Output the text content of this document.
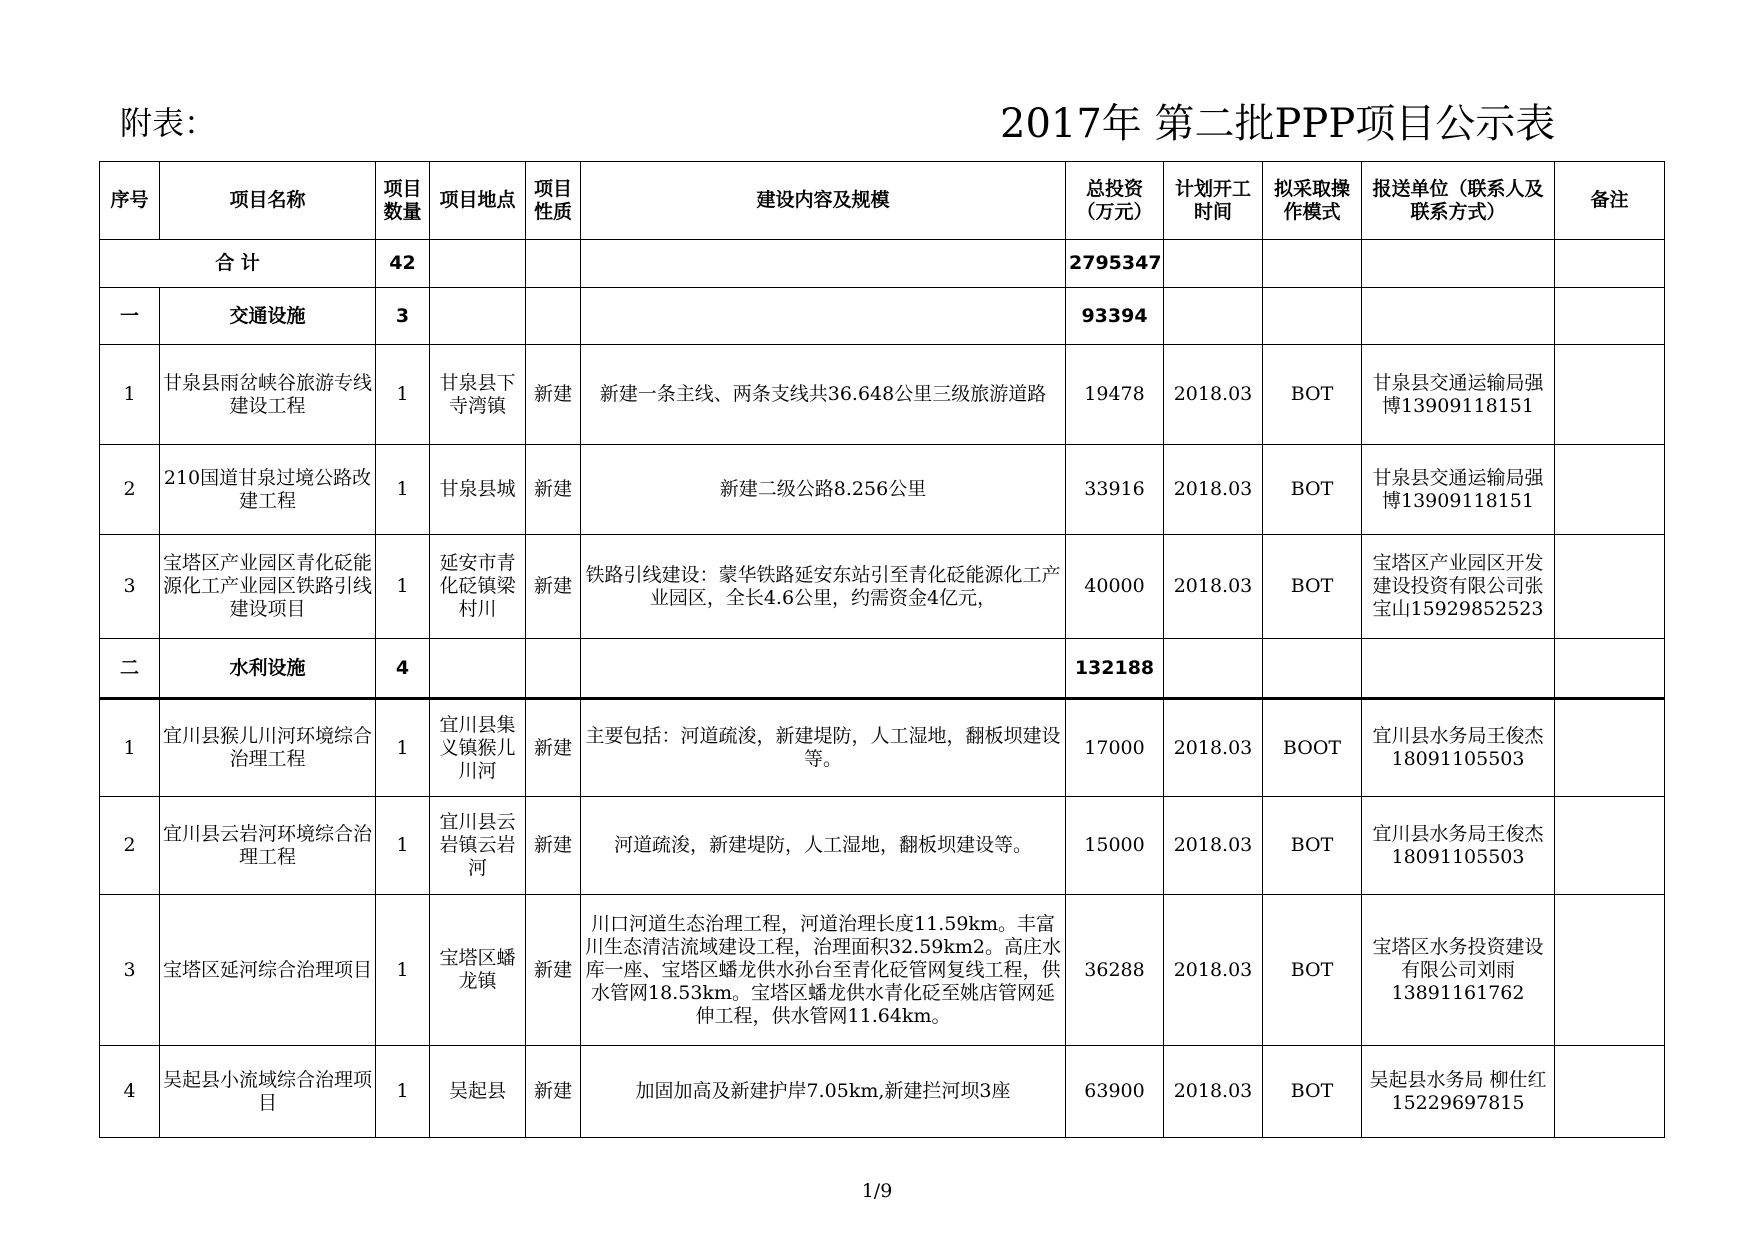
附表：	2017年 第二批PPP项目公示表
序号	项目名称	项目数量	项目地点	项目性质	建设内容及规模	总投资（万元）	计划开工时间	拟采取操作模式	报送单位（联系人及联系方式）	备注
合 计		42				2795347				
一	交通设施	3				93394				
1	甘泉县雨岔峡谷旅游专线建设工程	1	甘泉县下寺湾镇	新建	新建一条主线、两条支线共36.648公里三级旅游道路	19478	2018.03	BOT	甘泉县交通运输局强博13909118151	
2	210国道甘泉过境公路改建工程	1	甘泉县城	新建	新建二级公路8.256公里	33916	2018.03	BOT	甘泉县交通运输局强博13909118151	
3	宝塔区产业园区青化砭能源化工产业园区铁路引线建设项目	1	延安市青化砭镇梁村川	新建	铁路引线建设：蒙华铁路延安东站引至青化砭能源化工产业园区，全长4.6公里，约需资金4亿元，	40000	2018.03	BOT	宝塔区产业园区开发建设投资有限公司张宝山15929852523	
二	水利设施	4				132188				
1	宜川县猴儿川河环境综合治理工程	1	宜川县集义镇猴儿川河	新建	主要包括：河道疏浚，新建堤防，人工湿地，翻板坝建设等。	17000	2018.03	BOOT	宜川县水务局王俊杰18091105503	
2	宜川县云岩河环境综合治理工程	1	宜川县云岩镇云岩河	新建	河道疏浚，新建堤防，人工湿地，翻板坝建设等。	15000	2018.03	BOT	宜川县水务局王俊杰18091105503	
3	宝塔区延河综合治理项目	1	宝塔区蟠龙镇	新建	川口河道生态治理工程，河道治理长度11.59km。丰富川生态清洁流域建设工程，治理面积32.59km2。高庄水库一座、宝塔区蟠龙供水孙台至青化砭管网复线工程，供水管网18.53km。宝塔区蟠龙供水青化砭至姚店管网延伸工程，供水管网11.64km。	36288	2018.03	BOT	宝塔区水务投资建设有限公司刘雨13891161762	
4	吴起县小流域综合治理项目	1	吴起县	新建	加固加高及新建护岸7.05km,新建拦河坝3座	63900	2018.03	BOT	吴起县水务局 柳仕红15229697815	
1/9
